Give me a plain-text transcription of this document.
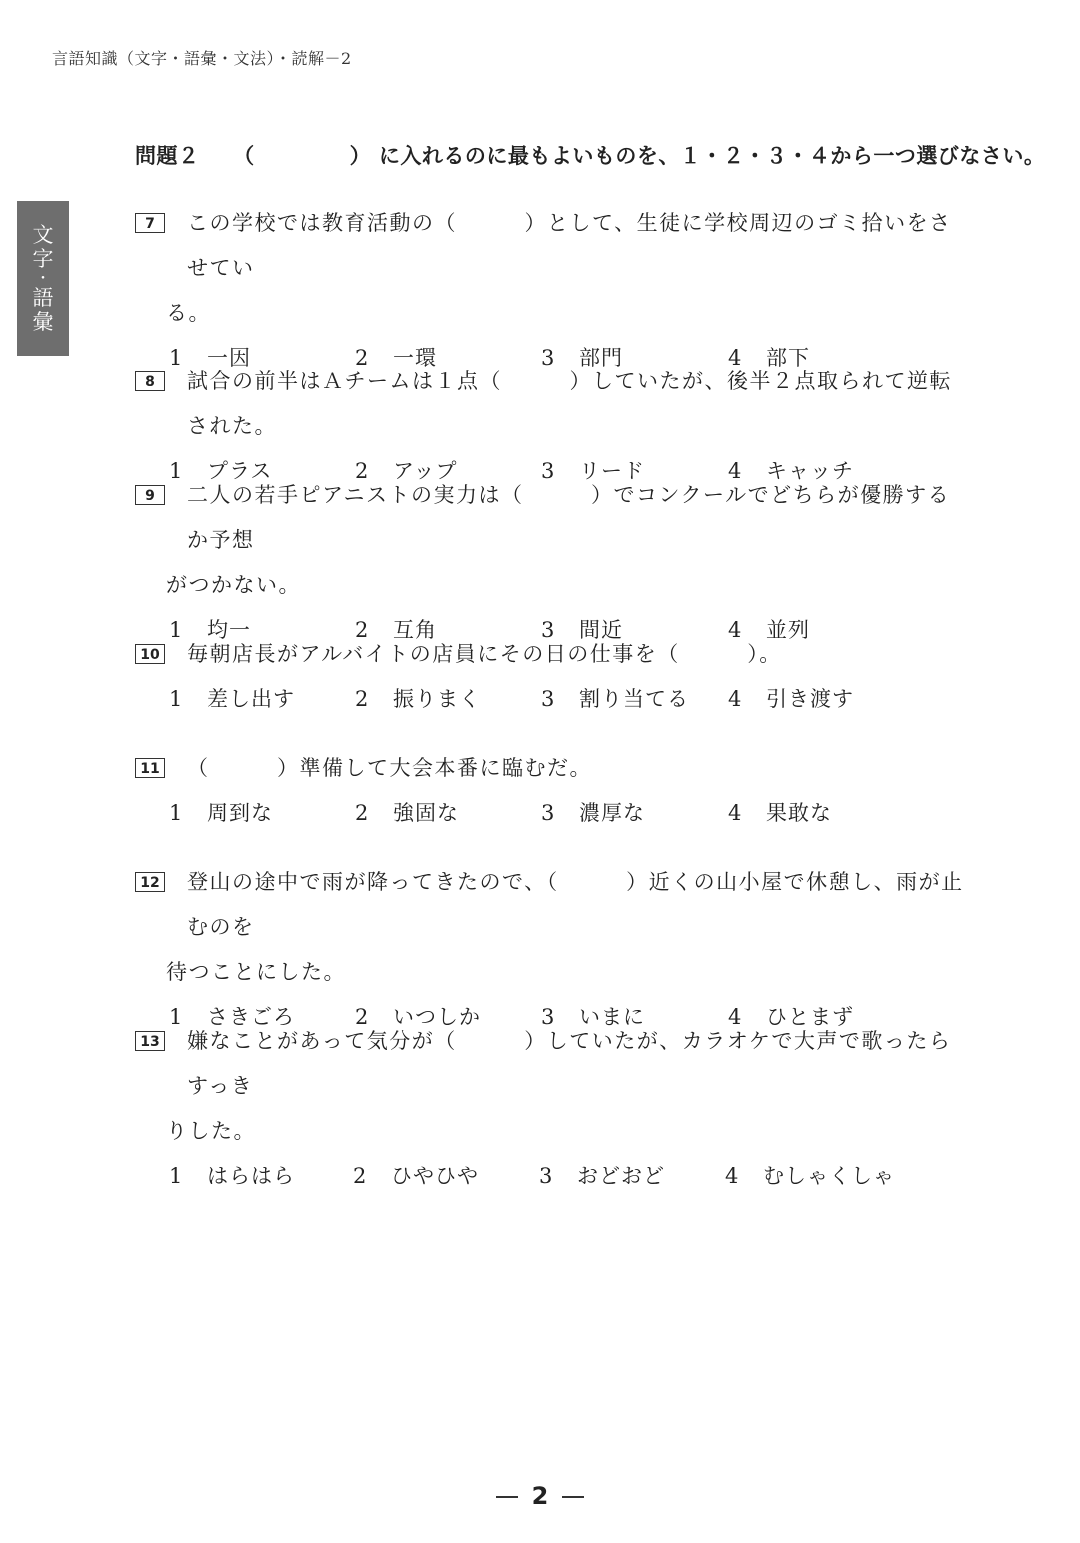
言語知識（文字・語彙・文法）・読解－2
文
字
・
語
彙
問題２ （	） に入れるのに最もよいものを、１・２・３・４から一つ選びなさい。
7	この学校では教育活動の（　　　）として、生徒に学校周辺のゴミ拾いをさせてい
る。
1 一因	2 一環	3 部門	4 部下
8	試合の前半はＡチームは１点（　　　）していたが、後半２点取られて逆転された。
1 プラス	2 アップ	3 リード	4 キャッチ
9	二人の若手ピアニストの実力は（　　　）でコンクールでどちらが優勝するか予想
がつかない。
1 均一	2 互角	3 間近	4 並列
10 毎朝店長がアルバイトの店員にその日の仕事を（　　　）。
1 差し出す	2 振りまく	3 割り当てる 4 引き渡す
11 （　　　）準備して大会本番に臨むだ。
1 周到な	2 強固な	3 濃厚な	4 果敢な
12 登山の途中で雨が降ってきたので、（　　　）近くの山小屋で休憩し、雨が止むのを
待つことにした。
1 さきごろ	2 いつしか	3 いまに	4 ひとまず
13 嫌なことがあって気分が（　　　）していたが、カラオケで大声で歌ったらすっき
りした。
1 はらはら	2 ひやひや	3 おどおど	4 むしゃくしゃ
2
